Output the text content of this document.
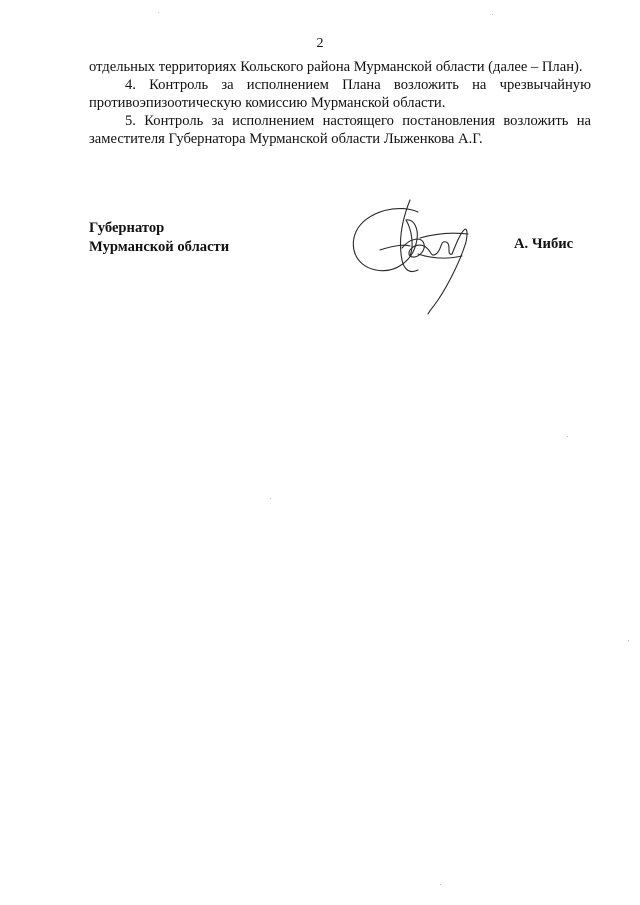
2

отдельных территориях Кольского района Мурманской области (далее – План).

4. Контроль за исполнением Плана возложить на чрезвычайную противоэпизоотическую комиссию Мурманской области.

5. Контроль за исполнением настоящего постановления возложить на заместителя Губернатора Мурманской области Лыженкова А.Г.

Губернатор
Мурманской области	А. Чибис
